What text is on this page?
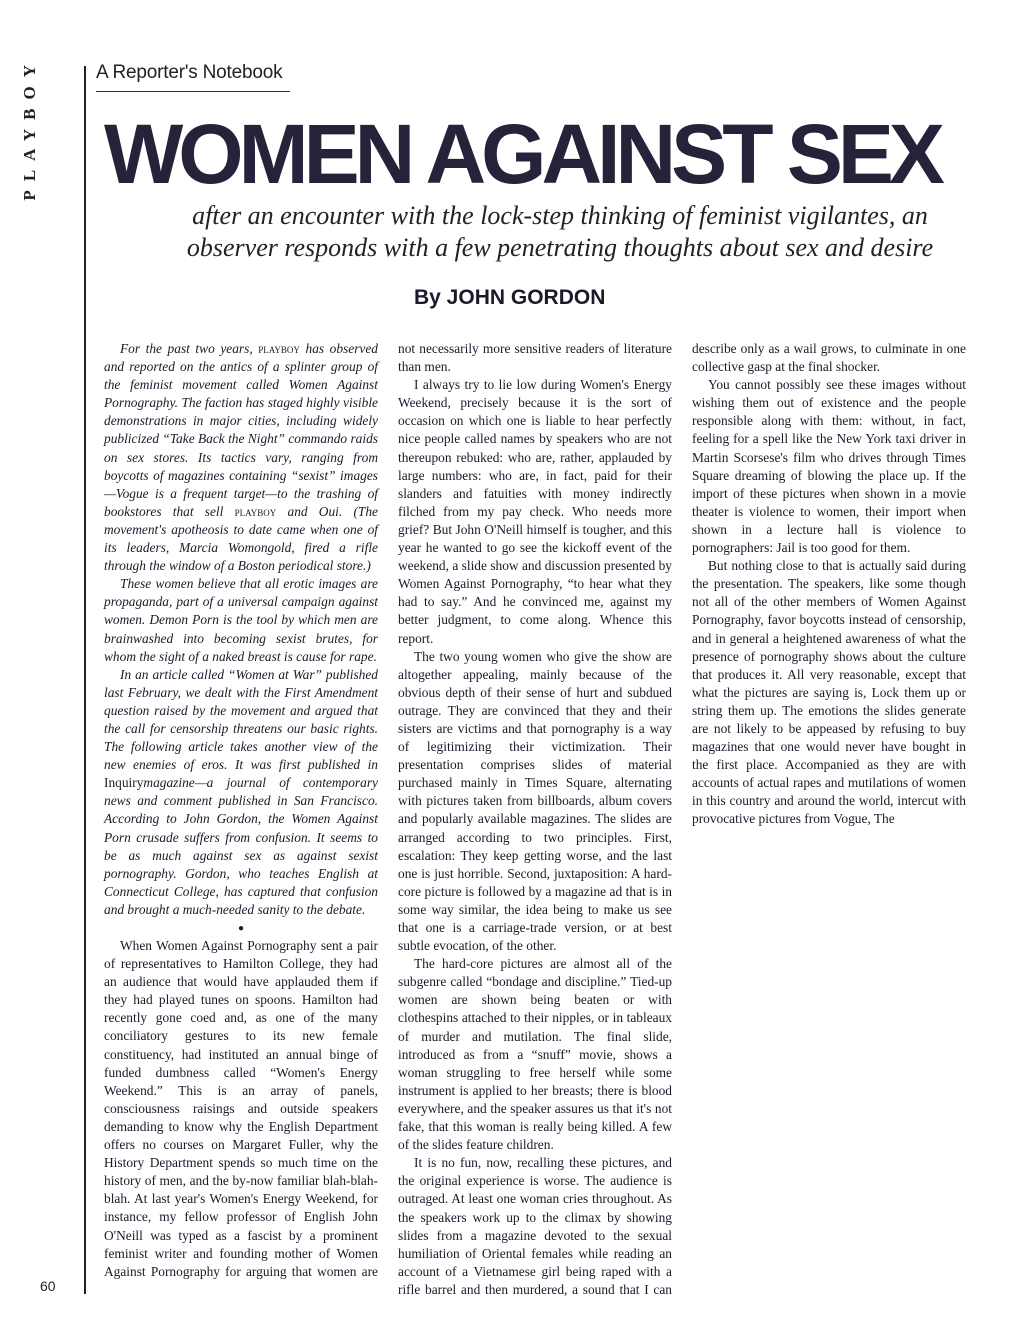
PLAYBOY
60
A Reporter's Notebook
WOMEN AGAINST SEX
after an encounter with the lock-step thinking of feminist vigilantes, an observer responds with a few penetrating thoughts about sex and desire
By JOHN GORDON

For the past two years, playboy has observed and reported on the antics of a splinter group of the feminist movement called Women Against Pornography. The faction has staged highly visible demonstrations in major cities, including widely publicized “Take Back the Night” commando raids on sex stores. Its tactics vary, ranging from boycotts of magazines containing “sexist” images—Vogue is a frequent target—to the trashing of bookstores that sell playboy and Oui. (The movement's apotheosis to date came when one of its leaders, Marcia Womongold, fired a rifle through the window of a Boston periodical store.)

These women believe that all erotic images are propaganda, part of a universal campaign against women. Demon Porn is the tool by which men are brainwashed into becoming sexist brutes, for whom the sight of a naked breast is cause for rape.

In an article called “Women at War” published last February, we dealt with the First Amendment question raised by the movement and argued that the call for censorship threatens our basic rights. The following article takes another view of the new enemies of eros. It was first published in Inquirymagazine—a journal of contemporary news and comment published in San Francisco. According to John Gordon, the Women Against Porn crusade suffers from confusion. It seems to be as much against sex as against sexist pornography. Gordon, who teaches English at Connecticut College, has captured that confusion and brought a much-needed sanity to the debate.

●

When Women Against Pornography sent a pair of representatives to Hamilton College, they had an audience that would have applauded them if they had played tunes on spoons. Hamilton had recently gone coed and, as one of the many conciliatory gestures to its new female constituency, had instituted an annual binge of funded dumbness called “Women's Energy Weekend.” This is an array of panels, consciousness raisings and outside speakers demanding to know why the English Department offers no courses on Margaret Fuller, why the History Department spends so much time on the history of men, and the by-now familiar blah-blah-blah. At last year's Women's Energy Weekend, for instance, my fellow professor of English John O'Neill was typed as a fascist by a prominent feminist writer and founding mother of Women Against Pornography for arguing that women are not necessarily more sensitive readers of literature than men.

I always try to lie low during Women's Energy Weekend, precisely because it is the sort of occasion on which one is liable to hear perfectly nice people called names by speakers who are not thereupon rebuked: who are, rather, applauded by large numbers: who are, in fact, paid for their slanders and fatuities with money indirectly filched from my pay check. Who needs more grief? But John O'Neill himself is tougher, and this year he wanted to go see the kickoff event of the weekend, a slide show and discussion presented by Women Against Pornography, “to hear what they had to say.” And he convinced me, against my better judgment, to come along. Whence this report.

The two young women who give the show are altogether appealing, mainly because of the obvious depth of their sense of hurt and subdued outrage. They are convinced that they and their sisters are victims and that pornography is a way of legitimizing their victimization. Their presentation comprises slides of material purchased mainly in Times Square, alternating with pictures taken from billboards, album covers and popularly available magazines. The slides are arranged according to two principles. First, escalation: They keep getting worse, and the last one is just horrible. Second, juxtaposition: A hard-core picture is followed by a magazine ad that is in some way similar, the idea being to make us see that one is a carriage-trade version, or at best subtle evocation, of the other.

The hard-core pictures are almost all of the subgenre called “bondage and discipline.” Tied-up women are shown being beaten or with clothespins attached to their nipples, or in tableaux of murder and mutilation. The final slide, introduced as from a “snuff” movie, shows a woman struggling to free herself while some instrument is applied to her breasts; there is blood everywhere, and the speaker assures us that it's not fake, that this woman is really being killed. A few of the slides feature children.

It is no fun, now, recalling these pictures, and the original experience is worse. The audience is outraged. At least one woman cries throughout. As the speakers work up to the climax by showing slides from a magazine devoted to the sexual humiliation of Oriental females while reading an account of a Vietnamese girl being raped with a rifle barrel and then murdered, a sound that I can describe only as a wail grows, to culminate in one collective gasp at the final shocker.

You cannot possibly see these images without wishing them out of existence and the people responsible along with them: without, in fact, feeling for a spell like the New York taxi driver in Martin Scorsese's film who drives through Times Square dreaming of blowing the place up. If the import of these pictures when shown in a movie theater is violence to women, their import when shown in a lecture hall is violence to pornographers: Jail is too good for them.

But nothing close to that is actually said during the presentation. The speakers, like some though not all of the other members of Women Against Pornography, favor boycotts instead of censorship, and in general a heightened awareness of what the presence of pornography shows about the culture that produces it. All very reasonable, except that what the pictures are saying is, Lock them up or string them up. The emotions the slides generate are not likely to be appeased by refusing to buy magazines that one would never have bought in the first place. Accompanied as they are with accounts of actual rapes and mutilations of women in this country and around the world, intercut with provocative pictures from Vogue, The
